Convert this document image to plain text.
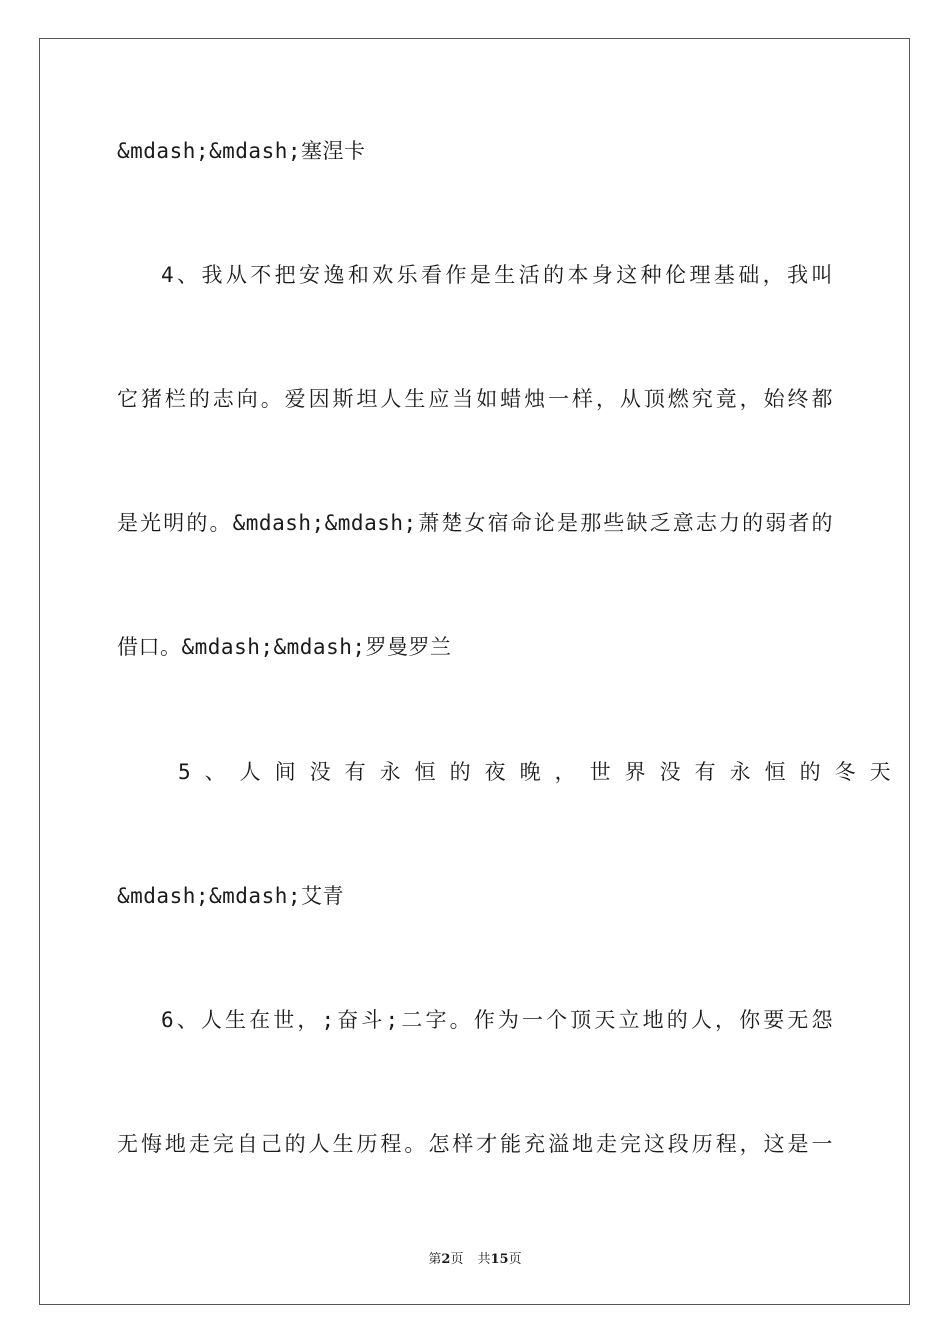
&mdash;&mdash;塞涅卡
4、我从不把安逸和欢乐看作是生活的本身这种伦理基础，我叫
它猪栏的志向。爱因斯坦人生应当如蜡烛一样，从顶燃究竟，始终都
是光明的。&mdash;&mdash;萧楚女宿命论是那些缺乏意志力的弱者的
借口。&mdash;&mdash;罗曼罗兰
5、人间没有永恒的夜晚，世界没有永恒的冬天
&mdash;&mdash;艾青
6、人生在世，;奋斗;二字。作为一个顶天立地的人，你要无怨
无悔地走完自己的人生历程。怎样才能充溢地走完这段历程，这是一
第2页 共15页
